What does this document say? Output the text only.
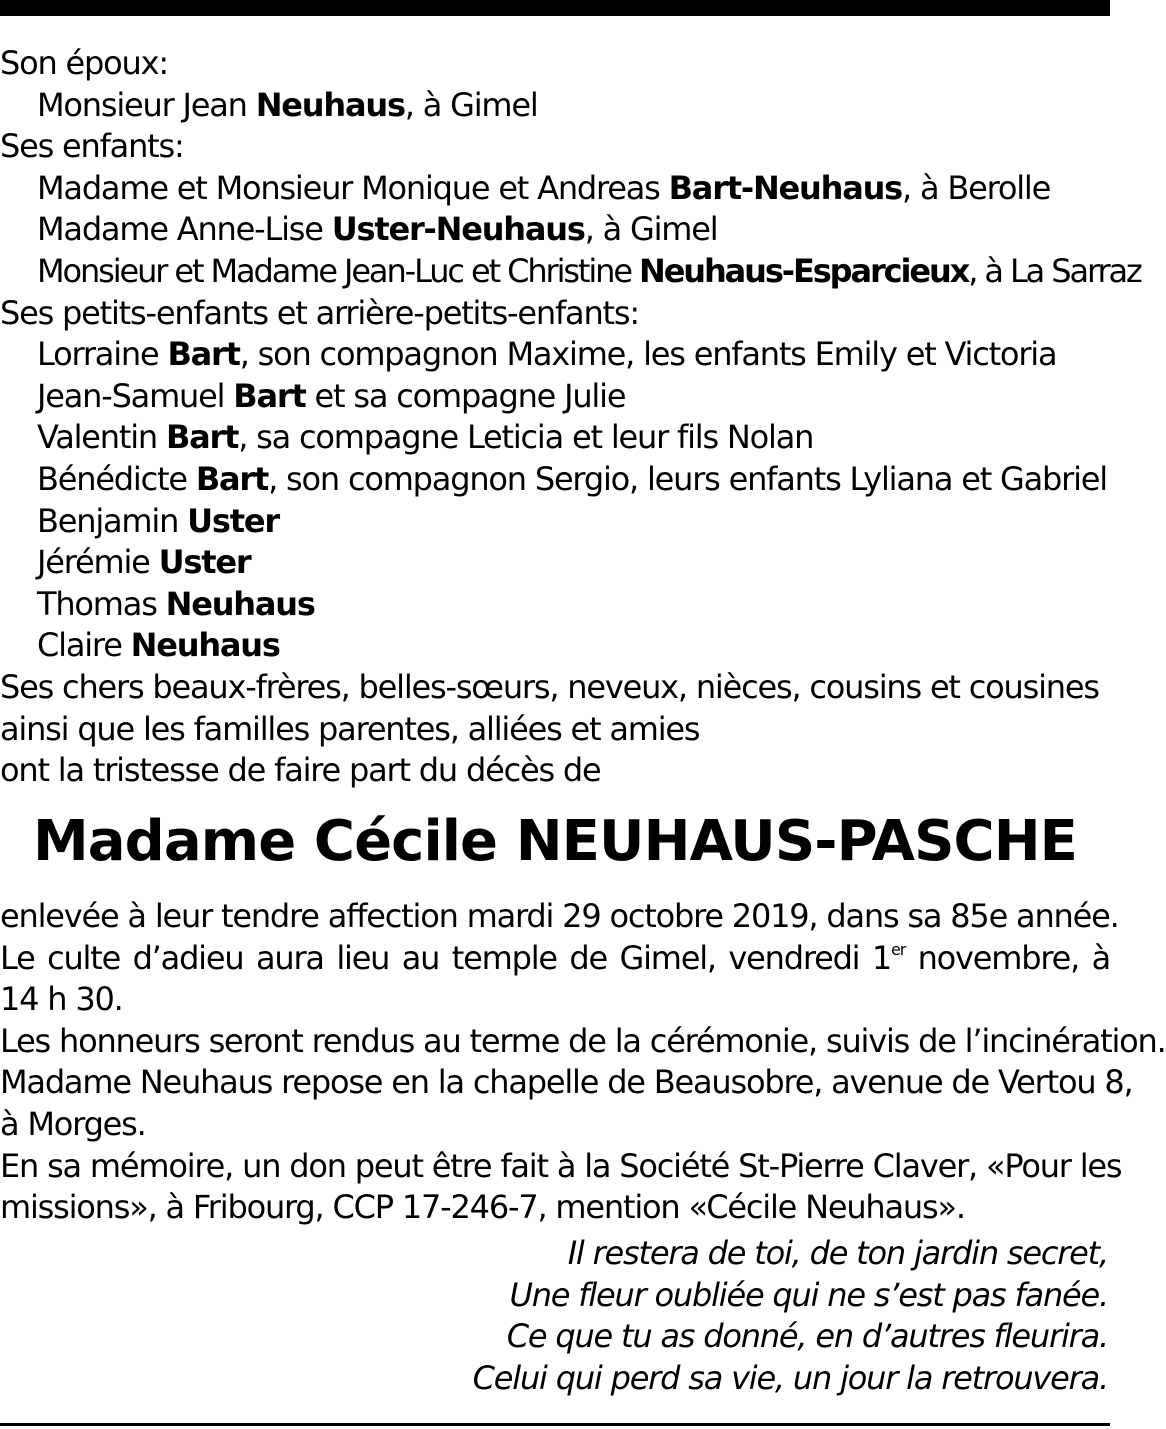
Son époux:
Monsieur Jean Neuhaus, à Gimel
Ses enfants:
Madame et Monsieur Monique et Andreas Bart-Neuhaus, à Berolle
Madame Anne-Lise Uster-Neuhaus, à Gimel
Monsieur et Madame Jean-Luc et Christine Neuhaus-Esparcieux, à La Sarraz
Ses petits-enfants et arrière-petits-enfants:
Lorraine Bart, son compagnon Maxime, les enfants Emily et Victoria
Jean-Samuel Bart et sa compagne Julie
Valentin Bart, sa compagne Leticia et leur fils Nolan
Bénédicte Bart, son compagnon Sergio, leurs enfants Lyliana et Gabriel
Benjamin Uster
Jérémie Uster
Thomas Neuhaus
Claire Neuhaus
Ses chers beaux-frères, belles-sœurs, neveux, nièces, cousins et cousines
ainsi que les familles parentes, alliées et amies
ont la tristesse de faire part du décès de
Madame Cécile NEUHAUS-PASCHE
enlevée à leur tendre affection mardi 29 octobre 2019, dans sa 85e année.
Le culte d’adieu aura lieu au temple de Gimel, vendredi 1er novembre, à
14 h 30.
Les honneurs seront rendus au terme de la cérémonie, suivis de l’incinération.
Madame Neuhaus repose en la chapelle de Beausobre, avenue de Vertou 8,
à Morges.
En sa mémoire, un don peut être fait à la Société St-Pierre Claver, «Pour les
missions», à Fribourg, CCP 17-246-7, mention «Cécile Neuhaus».
Il restera de toi, de ton jardin secret,
Une fleur oubliée qui ne s’est pas fanée.
Ce que tu as donné, en d’autres fleurira.
Celui qui perd sa vie, un jour la retrouvera.
